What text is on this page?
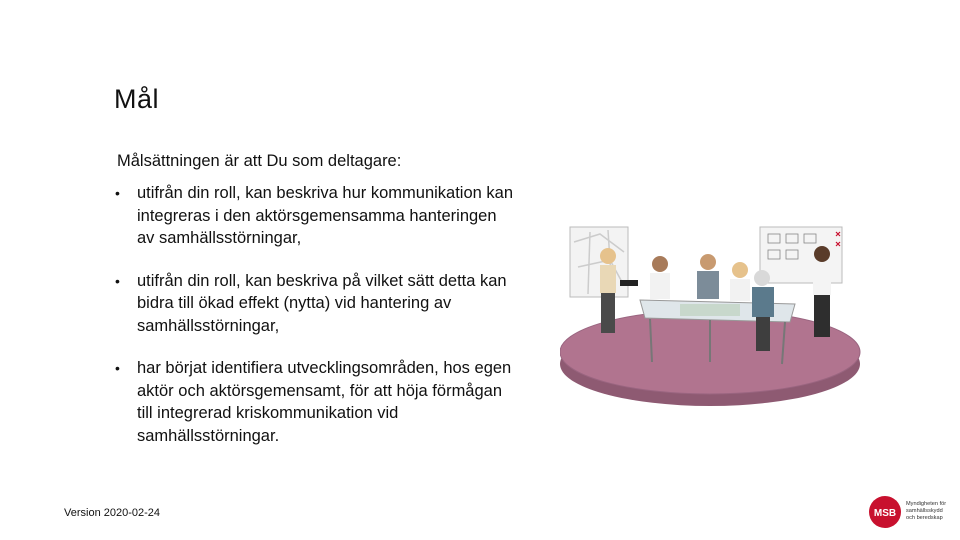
Mål
Målsättningen är att Du som deltagare:
• utifrån din roll, kan beskriva hur kommunikation kan integreras i den aktörsgemensamma hanteringen av samhällsstörningar,
• utifrån din roll, kan beskriva på vilket sätt detta kan bidra till ökad effekt (nytta) vid hantering av samhällsstörningar,
• har börjat identifiera utvecklingsområden, hos egen aktör och aktörsgemensamt, för att höja förmågan till integrerad kriskommunikation vid samhällsstörningar.
Version 2020-02-24	MSB
Myndigheten för
samhällsskydd
och beredskap
